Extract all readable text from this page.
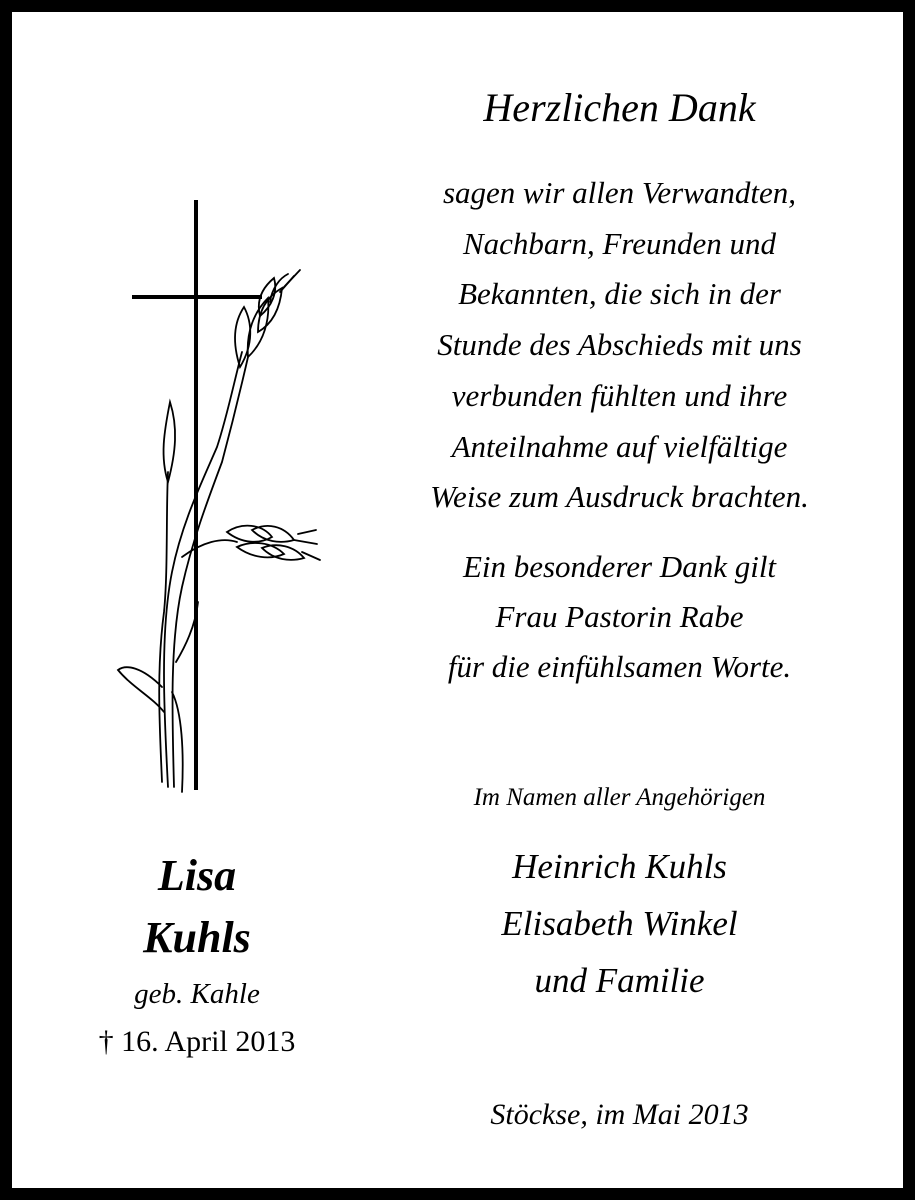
Lisa
Kuhls
geb. Kahle
† 16. April 2013
Herzlichen Dank
sagen wir allen Verwandten,
Nachbarn, Freunden und
Bekannten, die sich in der
Stunde des Abschieds mit uns
verbunden fühlten und ihre
Anteilnahme auf vielfältige
Weise zum Ausdruck brachten.
Ein besonderer Dank gilt
Frau Pastorin Rabe
für die einfühlsamen Worte.
Im Namen aller Angehörigen
Heinrich Kuhls
Elisabeth Winkel
und Familie
Stöckse, im Mai 2013
